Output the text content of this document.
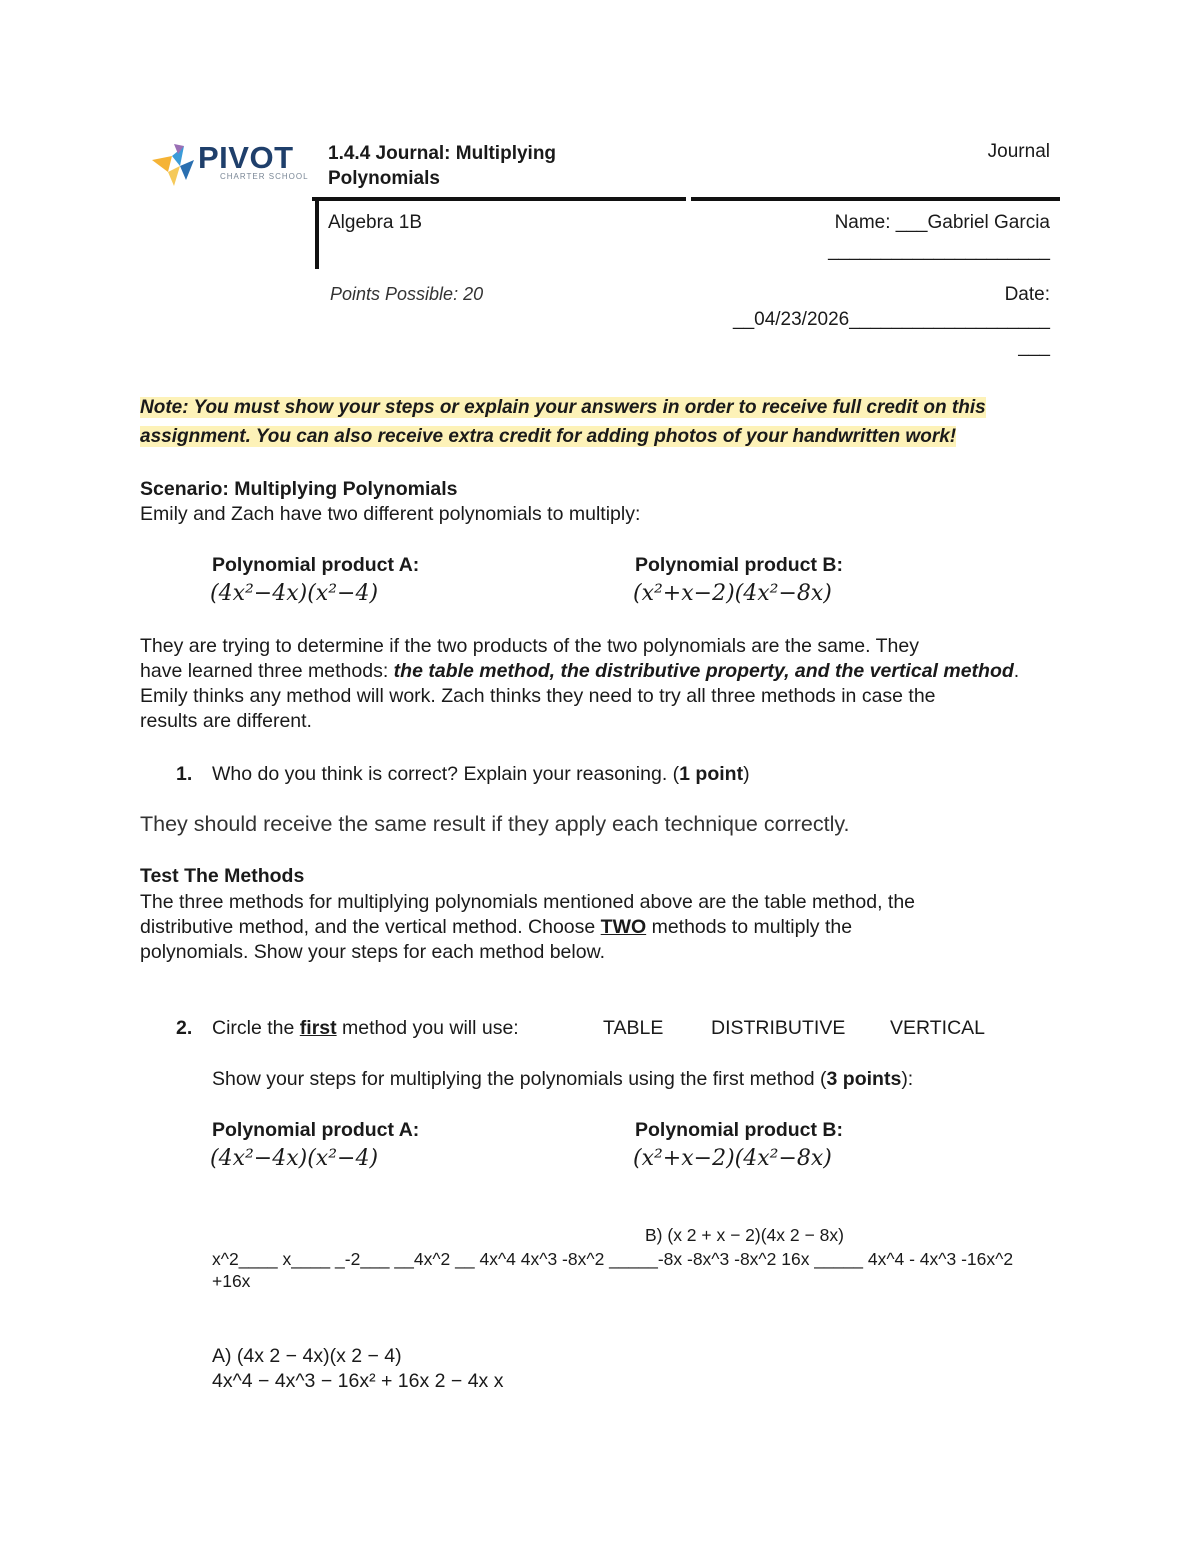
PIVOT
CHARTER SCHOOL
1.4.4 Journal: Multiplying
Polynomials
Journal
Algebra 1B	Name: ___Gabriel Garcia
_____________________
Points Possible: 20	Date:
__04/23/2026___________________
___
Note: You must show your steps or explain your answers in order to receive full credit on this
assignment. You can also receive extra credit for adding photos of your handwritten work!
Scenario: Multiplying Polynomials
Emily and Zach have two different polynomials to multiply:
Polynomial product A:
(4x²−4x)(x²−4)
Polynomial product B:
(x²+x−2)(4x²−8x)
They are trying to determine if the two products of the two polynomials are the same. They
have learned three methods: the table method, the distributive property, and the vertical method.
Emily thinks any method will work. Zach thinks they need to try all three methods in case the
results are different.
1. Who do you think is correct? Explain your reasoning. (1 point)
They should receive the same result if they apply each technique correctly.
Test The Methods
The three methods for multiplying polynomials mentioned above are the table method, the
distributive method, and the vertical method. Choose TWO methods to multiply the
polynomials. Show your steps for each method below.
2. Circle the first method you will use:	TABLE DISTRIBUTIVE VERTICAL
Show your steps for multiplying the polynomials using the first method (3 points):
Polynomial product A:
(4x²−4x)(x²−4)
Polynomial product B:
(x²+x−2)(4x²−8x)
B) (x 2 + x − 2)(4x 2 − 8x)
x^2____ x____ _-2___ __4x^2 __ 4x^4 4x^3 -8x^2 _____-8x -8x^3 -8x^2 16x _____ 4x^4 - 4x^3 -16x^2
+16x
A) (4x 2 − 4x)(x 2 − 4)
4x^4 − 4x^3 − 16x² + 16x 2 − 4x x
